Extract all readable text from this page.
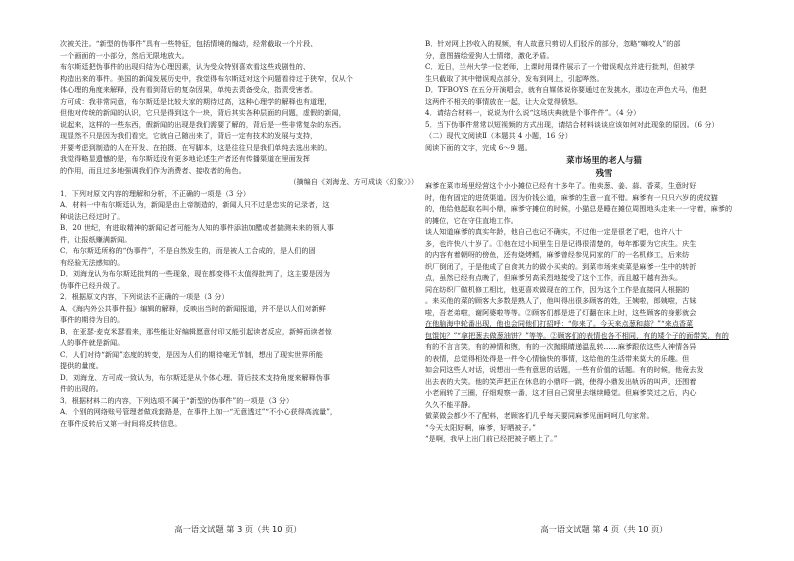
次被关注。“新型的伪事件”具有一些特征，包括情境的煽动，经常截取一个片段、

一个画面的一小部分，然后无限地放大。

布尔斯廷把伪事件的出现归结为心理因素，认为受众特别喜欢看这些戏剧性的、

构造出来的事件。美国的新闻发展历史中，我觉得布尔斯廷对这个问题看待过于狭窄，仅从个

体心理的角度来解释，没有看到背后的复杂因果，单纯去责备受众，指责受害者。

方可成：我非常同意，布尔斯廷是比较大家的期待过高，这种心理学的解释也有道理，

但他对传统的新闻的认识，它只是得到这个一块，背后其实各种层面的问题，虚假的新闻，

说起来，这样的一些东西，假新闻的出现是我们需要了解的，背后是一些非常复杂的东西。

现显然不只是因为我们看完，它就自己随出来了，背后一定有技术的发展与支持，

并要考虑到制造的人在开发、在拍摄、在写脚本，这是往往只是我们单纯去选出来的。

我觉得略显遗憾的是，布尔斯廷没有更多地论述生产者还有传播渠道在里面发挥

的作用，而且过多地强调我们作为消费者、接收者的角色。

（摘编自《刘海龙、方可成谈〈幻象〉》）

1．下列对原文内容的理解和分析，不正确的一项是（3 分）

A．材料一中布尔斯廷认为，新闻是由上帝制造的，新闻人只不过是忠实的记录者，这

种说法已经过时了。

B．20 世纪，有进取精神的新闻记者可能为人知的事件添油加醋或者揣测未来的领人事

件，让报纸赚满新闻。

C．布尔斯廷所称的“伪事件”，不是自然发生的，而是被人工合成的，是人们的固

有经验无法感知的。

D．刘海龙认为布尔斯廷批判的一些现象，现在都变得不太值得批判了，这主要是因为

伪事件已经升级了。

2．根据原文内容，下列说法不正确的一项是（3 分）

A．《海内外公共事件报》编辑的解释，反映出当时的新闻报道，并不是以人们对新鲜

事件的期待为目的。

B．在亚瑟·麦克米瑟看来，那些能让好编辑愿意付印又能引起读者反应，新鲜而读者惊

人的事件就是新闻。

C．人们对待“新闻”态度的转变，是因为人们的期待毫无节制，想出了现实世界所能

提供的量度。

D．刘海龙、方可成一致认为，布尔斯廷是从个体心理、背后技术支持角度来解释伪事

件的出现的。

3．根据材料二的内容，下列选项不属于“新型的伪事件”的一项是（3 分）

A．个别的网络账号管理者做戏套路是，在事件上加一“无意透过”“不小心获得高流量”，

在事件反转后又第一时间将反转信息。

B．针对网上抄收入的视频，有人故意只剪切人们驳斥的部分，忽略“嘛咬人”的部

分，意图描绘爱狗人士情绪，激化矛盾。

C．近日，兰州大学一位老师，上课时用课件展示了一个错误观点并进行批判，但被学

生只截取了其中错误观点部分，发布到网上，引起哗然。

D．TFBOYS 在五分开演唱会，就有自媒体说你要通过在发挑水，那边在声色犬马，他把

这两件不相关的事情放在一起，让大众觉得愤怒。

4．请结合材料一，说说为什么说“这场庆典就是个事件件”。（4 分）

5．当下伪事件常常以短视频的方式出现，请结合材料谈谈应该如何对此现象的原因。（6 分）

（二）现代文阅读Ⅱ（本题共 4 小题，16 分）

阅读下面的文字，完成 6～9 题。

菜市场里的老人与猫

残雪

麻爹在菜市场里经营这个小小摊位已经有十多年了。他卖葱、姜、蒜、香菜，生意时好

时，他有固定的进货渠道。因为价钱公道，麻爹的生意一直不错。麻爹有一只只六岁的虎纹猫

的，他给他起取名叫小鼎，麻爹守摊位的时候，小猫总是睡在摊位周围地头走来一一守着，麻爹的

的摊位，它在守住直地工作。

谈人知道麻爹的真实年龄，他自己也记不确实，不过他一定是很老了吧，也许八十

多，也许快八十岁了。①他在过小间里生日是记得很清楚的，每年都要为它庆生。庆生

的内容有着朝呀的傍鱼，还有烧烤鳕，麻爹曾经参见同家的厂的一名机修工，后来纺

织厂倒闭了，于是他成了自食其力的做小买卖的。到菜市场来卖菜是麻爹一生中的转折

点，虽然已经有点晚了，但麻爹另高采烈地接受了这个工作，而且越干越有劲头。

同在纺织厂做机修工相比，他更喜欢做现在的工作，因为这个工作是直接同人根据的

。来买他的菜的顾客大多数是熟人了，他叫得出很多顾客的姓，王姨啦，郎姨啦，古妹

啦，吾老弟啦，谢阿婆啦等等。②顾客们都是进了灯翻在床上时，这些顾客的身影就会

在他脑海中轮番出现，他也会同他们打招呼：“你来了。今天来点葱和蒜？”“来点香菜

包馄饨？”“拿把葱去做葱油饼？”等等。②顾客们的表情也各不相同，有的矮个子的面带笑，有的

有的不言言笑，有的神情和煦，有的一次抛眼睛递温乱转……麻爹跟依这些人神情各异

的表情，总觉得相处得是一件令心情愉快的事情，这给他的生活带来莫大的乐趣。但

如会同这些人对话，说想出一些有意思的话题，一些有价值的话题。有的时候，他竟去发

出去表的大笑。他的笑声把正在休息的小鼎吓一跳，使得小鼎发出轨诉的叫声，还围着

小老闹转了三圈，仔细观察一番，这才回自己窝里去继续睡觉。但麻爹笑过之后，内心

久久不能平静。

做菜做会都少不了配料，老顾客们几乎每天要同麻爹见面呵呵几句家常。

“今天太阳好啊，麻爹，好晒被子。”

“是啊，我早上出门前已经把被子晒上了。”

高一语文试题 第 3 页（共 10 页）	高一语文试题 第 4 页（共 10 页）
